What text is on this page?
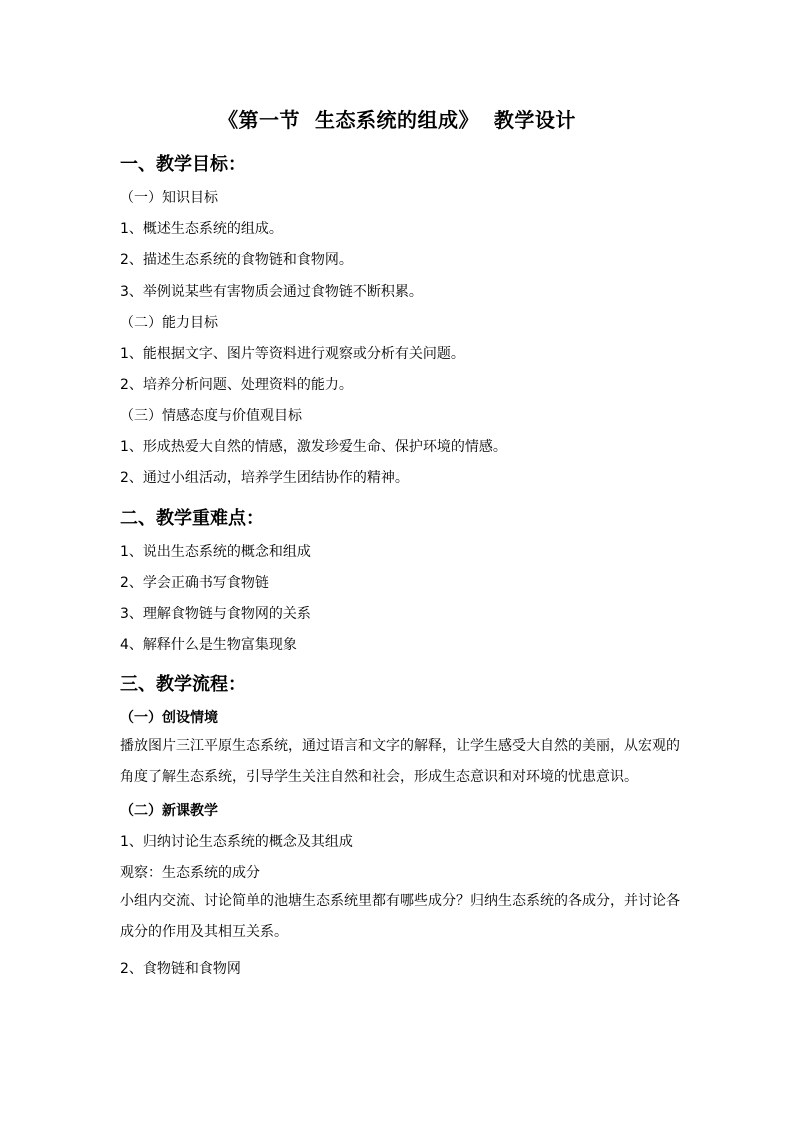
《第一节  生态系统的组成》  教学设计
一、教学目标：
（一）知识目标
1、概述生态系统的组成。
2、描述生态系统的食物链和食物网。
3、举例说某些有害物质会通过食物链不断积累。
（二）能力目标
1、能根据文字、图片等资料进行观察或分析有关问题。
2、培养分析问题、处理资料的能力。
（三）情感态度与价值观目标
1、形成热爱大自然的情感，激发珍爱生命、保护环境的情感。
2、通过小组活动，培养学生团结协作的精神。
二、教学重难点：
1、说出生态系统的概念和组成
2、学会正确书写食物链
3、理解食物链与食物网的关系
4、解释什么是生物富集现象
三、教学流程：
（一）创设情境
播放图片三江平原生态系统，通过语言和文字的解释，让学生感受大自然的美丽，从宏观的角度了解生态系统，引导学生关注自然和社会，形成生态意识和对环境的忧患意识。
（二）新课教学
1、归纳讨论生态系统的概念及其组成
观察：生态系统的成分
小组内交流、讨论简单的池塘生态系统里都有哪些成分？归纳生态系统的各成分，并讨论各成分的作用及其相互关系。
2、食物链和食物网
